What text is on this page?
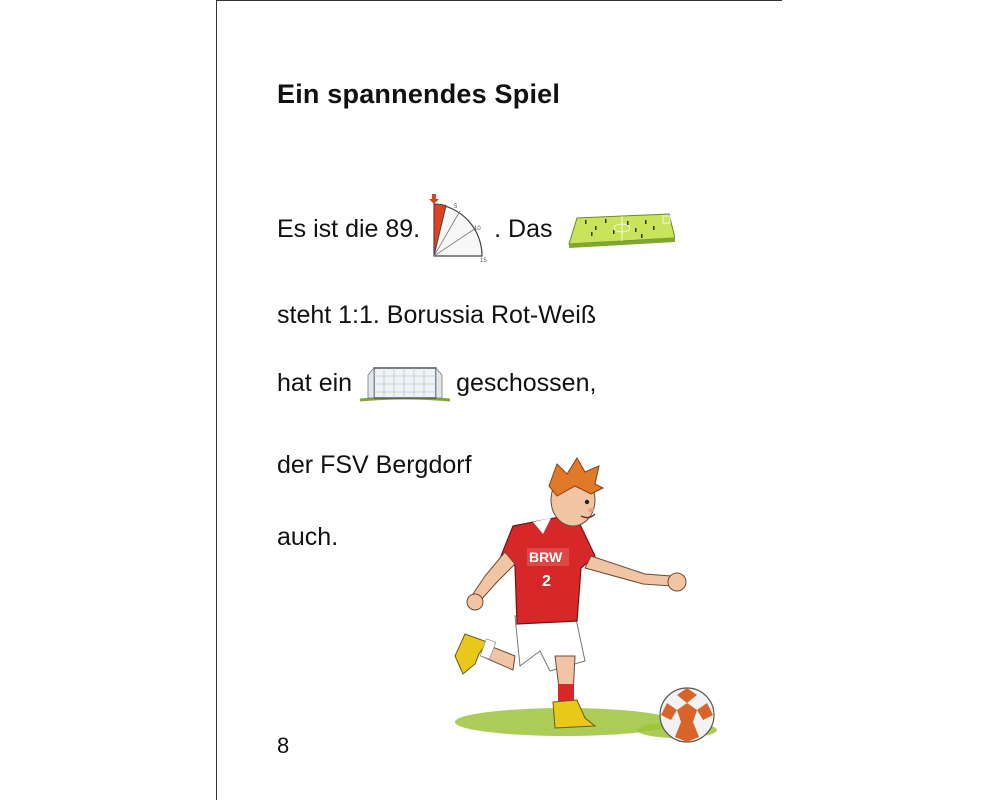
Ein spannendes Spiel
Es ist die 89.
5
10
15
. Das
steht 1:1. Borussia Rot-Weiß
hat ein	geschossen,
der FSV Bergdorf
auch.
BRW
2
8
